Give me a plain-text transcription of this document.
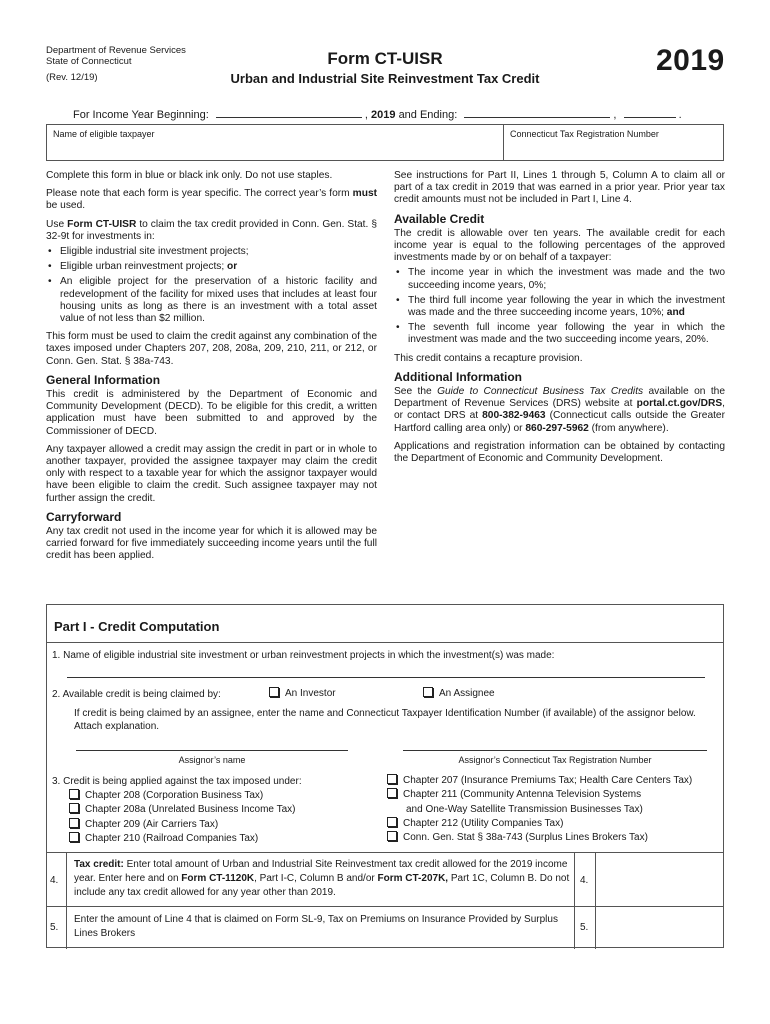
Department of Revenue Services
State of Connecticut
(Rev. 12/19)
Form CT-UISR
Urban and Industrial Site Reinvestment Tax Credit
2019
For Income Year Beginning:	, 2019 and Ending:	,	.
Name of eligible taxpayer	Connecticut Tax Registration Number

Complete this form in blue or black ink only. Do not use staples.

Please note that each form is year specific. The correct year’s form must be used.

Use Form CT-UISR to claim the tax credit provided in Conn. Gen. Stat. § 32-9t for investments in:

• Eligible industrial site investment projects;
• Eligible urban reinvestment projects; or
• An eligible project for the preservation of a historic facility and redevelopment of the facility for mixed uses that includes at least four housing units as long as there is an investment with a total asset value of not less than $2 million.

This form must be used to claim the credit against any combination of the taxes imposed under Chapters 207, 208, 208a, 209, 210, 211, or 212, or Conn. Gen. Stat. § 38a-743.

General Information

This credit is administered by the Department of Economic and Community Development (DECD). To be eligible for this credit, a written application must have been submitted to and approved by the Commissioner of DECD.

Any taxpayer allowed a credit may assign the credit in part or in whole to another taxpayer, provided the assignee taxpayer may claim the credit only with respect to a taxable year for which the assignor taxpayer would have been eligible to claim the credit. Such assignee taxpayer may not further assign the credit.

Carryforward

Any tax credit not used in the income year for which it is allowed may be carried forward for five immediately succeeding income years until the full credit has been applied.

See instructions for Part II, Lines 1 through 5, Column A to claim all or part of a tax credit in 2019 that was earned in a prior year. Prior year tax credit amounts must not be included in Part I, Line 4.

Available Credit

The credit is allowable over ten years. The available credit for each income year is equal to the following percentages of the approved investments made by or on behalf of a taxpayer:

• The income year in which the investment was made and the two succeeding income years, 0%;
• The third full income year following the year in which the investment was made and the three succeeding income years, 10%; and
• The seventh full income year following the year in which the investment was made and the two succeeding income years, 20%.

This credit contains a recapture provision.

Additional Information

See the Guide to Connecticut Business Tax Credits available on the Department of Revenue Services (DRS) website at portal.ct.gov/DRS, or contact DRS at 800-382-9463 (Connecticut calls outside the Greater Hartford calling area only) or 860-297-5962 (from anywhere).

Applications and registration information can be obtained by contacting the Department of Economic and Community Development.

Part I - Credit Computation
1. Name of eligible industrial site investment or urban reinvestment projects in which the investment(s) was made:
2. Available credit is being claimed by:	An Investor	An Assignee
If credit is being claimed by an assignee, enter the name and Connecticut Taxpayer Identification Number (if available) of the assignor below. Attach explanation.
Assignor’s name	Assignor’s Connecticut Tax Registration Number
3. Credit is being applied against the tax imposed under:
Chapter 208 (Corporation Business Tax)
Chapter 208a (Unrelated Business Income Tax)
Chapter 209 (Air Carriers Tax)
Chapter 210 (Railroad Companies Tax)
Chapter 207 (Insurance Premiums Tax; Health Care Centers Tax)
Chapter 211 (Community Antenna Television Systems
and One-Way Satellite Transmission Businesses Tax)
Chapter 212 (Utility Companies Tax)
Conn. Gen. Stat § 38a-743 (Surplus Lines Brokers Tax)
4.
Tax credit: Enter total amount of Urban and Industrial Site Reinvestment tax credit allowed for the 2019 income year. Enter here and on Form CT-1120K, Part I-C, Column B and/or Form CT-207K, Part 1C, Column B. Do not include any tax credit allowed for any year other than 2019.
4.
5.
Enter the amount of Line 4 that is claimed on Form SL-9, Tax on Premiums on Insurance Provided by Surplus Lines Brokers
5.
